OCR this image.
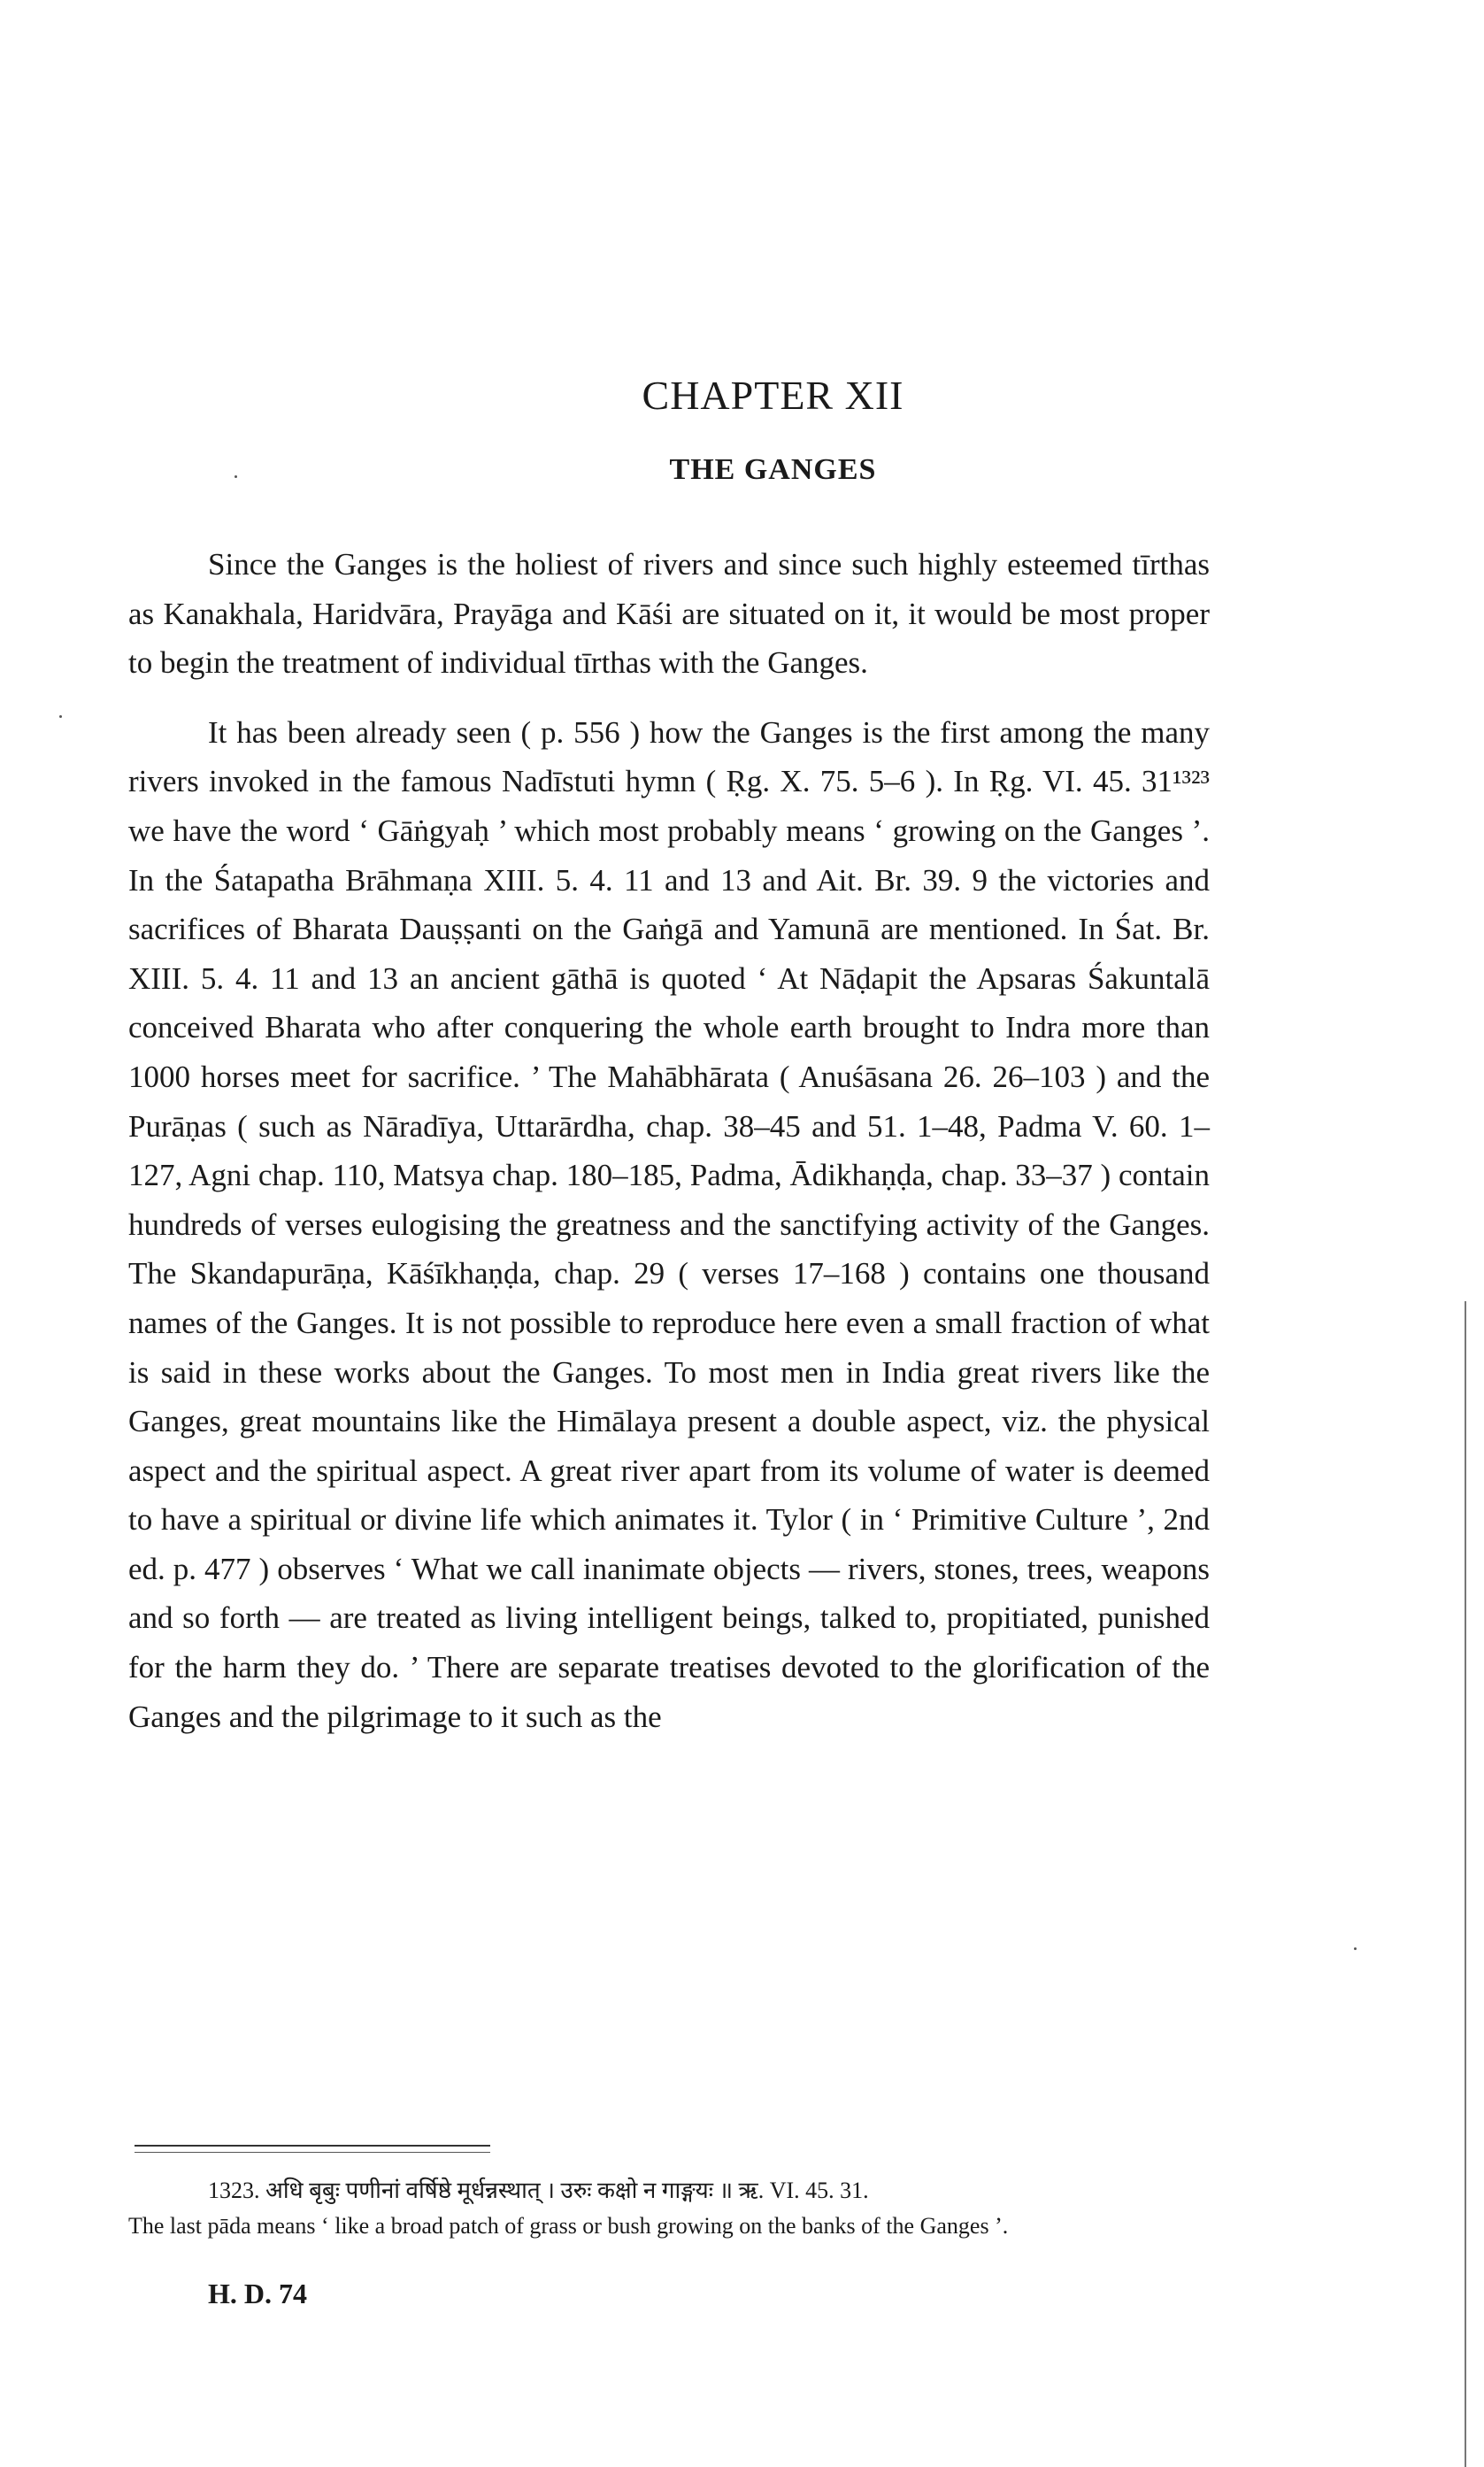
CHAPTER XII
THE GANGES

Since the Ganges is the holiest of rivers and since such highly esteemed tīrthas as Kanakhala, Haridvāra, Prayāga and Kāśi are situated on it, it would be most proper to begin the treatment of individual tīrthas with the Ganges.

It has been already seen ( p. 556 ) how the Ganges is the first among the many rivers invoked in the famous Nadīstuti hymn ( Ṛg. X. 75. 5–6 ). In Ṛg. VI. 45. 31¹³²³ we have the word ‘ Gāṅgyaḥ ’ which most probably means ‘ growing on the Ganges ’. In the Śatapatha Brāhmaṇa XIII. 5. 4. 11 and 13 and Ait. Br. 39. 9 the victories and sacrifices of Bharata Dauṣṣanti on the Gaṅgā and Yamunā are mentioned. In Śat. Br. XIII. 5. 4. 11 and 13 an ancient gāthā is quoted ‘ At Nāḍapit the Apsaras Śakuntalā conceived Bharata who after conquering the whole earth brought to Indra more than 1000 horses meet for sacrifice. ’ The Mahābhārata ( Anuśāsana 26. 26–103 ) and the Purāṇas ( such as Nāradīya, Uttarārdha, chap. 38–45 and 51. 1–48, Padma V. 60. 1–127, Agni chap. 110, Matsya chap. 180–185, Padma, Ādikhaṇḍa, chap. 33–37 ) contain hundreds of verses eulogising the greatness and the sanctifying activity of the Ganges. The Skandapurāṇa, Kāśīkhaṇḍa, chap. 29 ( verses 17–168 ) contains one thousand names of the Ganges. It is not possible to reproduce here even a small fraction of what is said in these works about the Ganges. To most men in India great rivers like the Ganges, great mountains like the Himālaya present a double aspect, viz. the physical aspect and the spiritual aspect. A great river apart from its volume of water is deemed to have a spiritual or divine life which animates it. Tylor ( in ‘ Primitive Culture ’, 2nd ed. p. 477 ) observes ‘ What we call inanimate objects — rivers, stones, trees, weapons and so forth — are treated as living intelligent beings, talked to, propitiated, punished for the harm they do. ’ There are separate treatises devoted to the glorification of the Ganges and the pilgrimage to it such as the

1323. अधि बृबुः पणीनां वर्षिष्ठे मूर्धन्नस्थात् । उरुः कक्षो न गाङ्गयः ॥ ऋ. VI. 45. 31.

The last pāda means ‘ like a broad patch of grass or bush growing on the banks of the Ganges ’.

H. D. 74
